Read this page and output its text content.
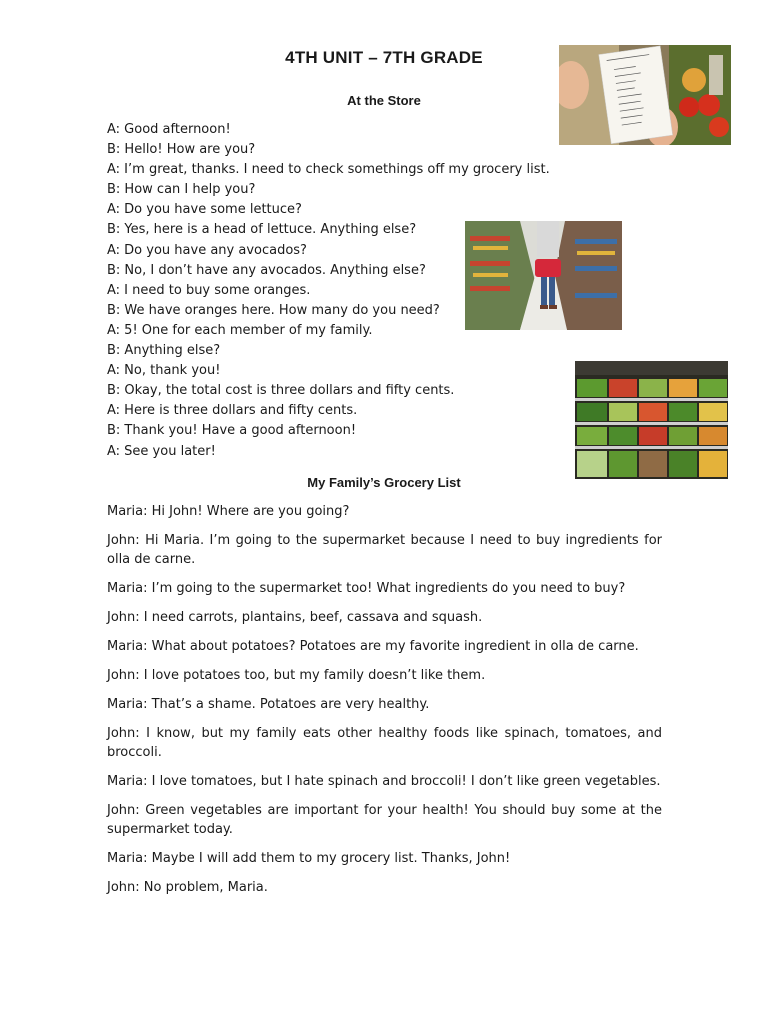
4TH UNIT – 7TH GRADE
At the Store
A: Good afternoon!
B: Hello! How are you?
A: I’m great, thanks. I need to check somethings off my grocery list.
B: How can I help you?
A: Do you have some lettuce?
B: Yes, here is a head of lettuce. Anything else?
A: Do you have any avocados?
B: No, I don’t have any avocados. Anything else?
A: I need to buy some oranges.
B: We have oranges here. How many do you need?
A: 5! One for each member of my family.
B: Anything else?
A: No, thank you!
B: Okay, the total cost is three dollars and fifty cents.
A: Here is three dollars and fifty cents.
B: Thank you! Have a good afternoon!
A: See you later!
My Family’s Grocery List

Maria: Hi John! Where are you going?

John: Hi Maria. I’m going to the supermarket because I need to buy ingredients for olla de carne.

Maria: I’m going to the supermarket too! What ingredients do you need to buy?

John: I need carrots, plantains, beef, cassava and squash.

Maria: What about potatoes? Potatoes are my favorite ingredient in olla de carne.

John: I love potatoes too, but my family doesn’t like them.

Maria: That’s a shame. Potatoes are very healthy.

John: I know, but my family eats other healthy foods like spinach, tomatoes, and broccoli.

Maria: I love tomatoes, but I hate spinach and broccoli! I don’t like green vegetables.

John: Green vegetables are important for your health! You should buy some at the supermarket today.

Maria: Maybe I will add them to my grocery list. Thanks, John!

John: No problem, Maria.
